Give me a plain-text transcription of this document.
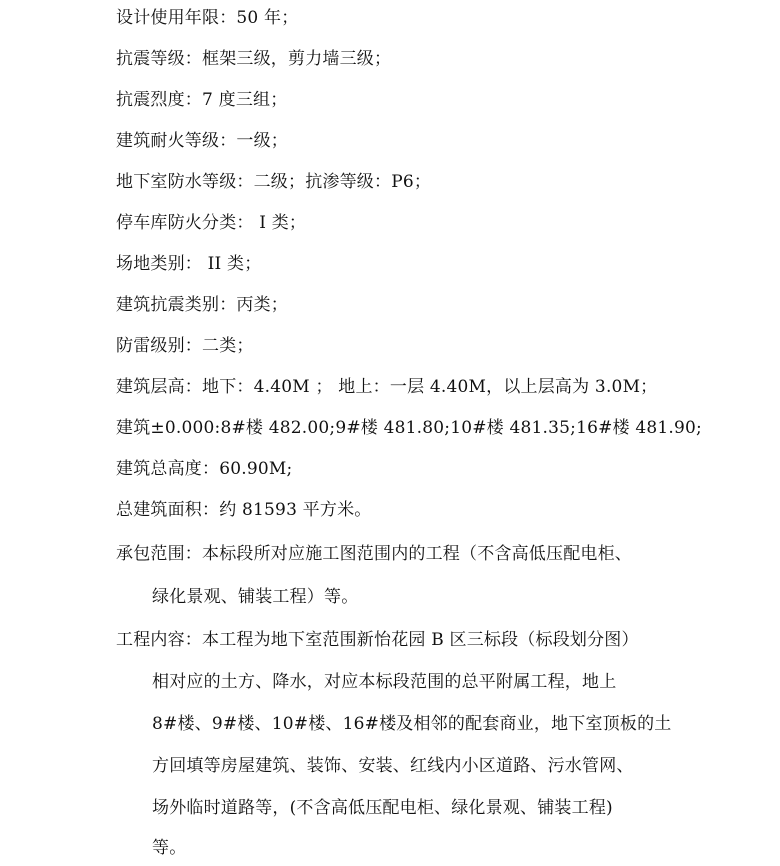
设计使用年限：50 年；
抗震等级：框架三级，剪力墙三级；
抗震烈度：7 度三组；
建筑耐火等级：一级；
地下室防水等级：二级；抗渗等级：P6；
停车库防火分类： I 类；
场地类别： II 类；
建筑抗震类别：丙类；
防雷级别：二类；
建筑层高：地下：4.40M ； 地上：一层 4.40M，以上层高为 3.0M；
建筑±0.000:8#楼 482.00;9#楼 481.80;10#楼 481.35;16#楼 481.90;
建筑总高度：60.90M;
总建筑面积：约 81593 平方米。
承包范围：本标段所对应施工图范围内的工程（不含高低压配电柜、
绿化景观、铺装工程）等。
工程内容：本工程为地下室范围新怡花园 B 区三标段（标段划分图）
相对应的土方、降水，对应本标段范围的总平附属工程，地上
8#楼、9#楼、10#楼、16#楼及相邻的配套商业，地下室顶板的土
方回填等房屋建筑、装饰、安装、红线内小区道路、污水管网、
场外临时道路等，(不含高低压配电柜、绿化景观、铺装工程)
等。
